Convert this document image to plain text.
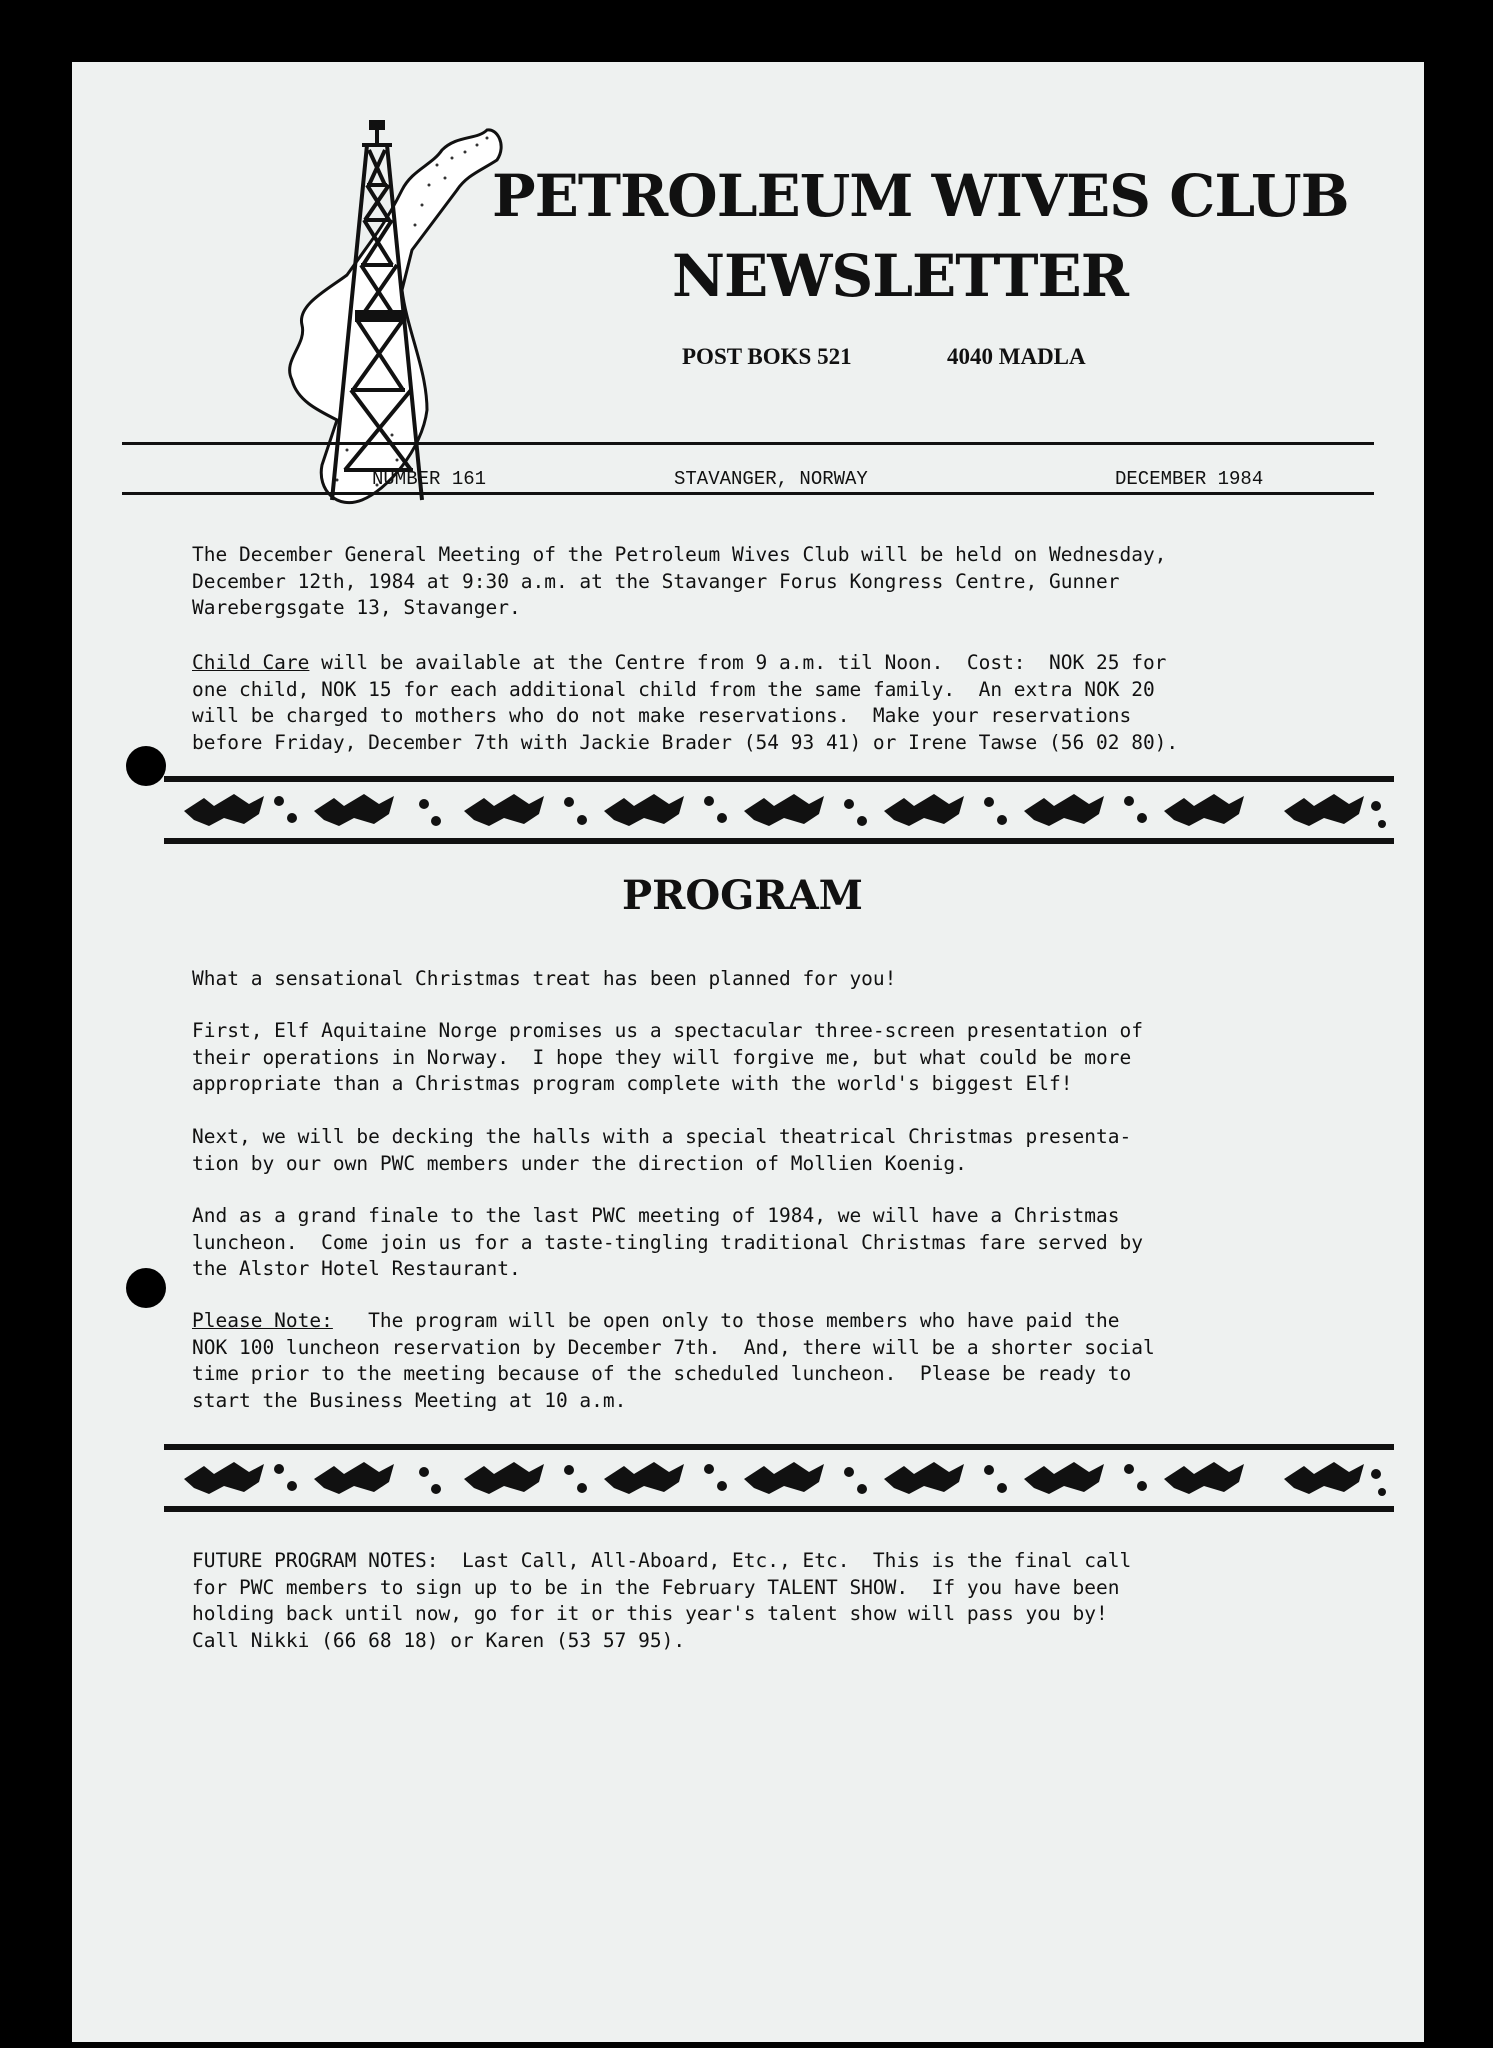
PETROLEUM WIVES CLUB
NEWSLETTER
POST BOKS 521	4040 MADLA
NUMBER 161	STAVANGER, NORWAY	DECEMBER 1984
The December General Meeting of the Petroleum Wives Club will be held on Wednesday,
December 12th, 1984 at 9:30 a.m. at the Stavanger Forus Kongress Centre, Gunner
Warebergsgate 13, Stavanger.
Child Care will be available at the Centre from 9 a.m. til Noon.  Cost:  NOK 25 for
one child, NOK 15 for each additional child from the same family.  An extra NOK 20
will be charged to mothers who do not make reservations.  Make your reservations
before Friday, December 7th with Jackie Brader (54 93 41) or Irene Tawse (56 02 80).
PROGRAM
What a sensational Christmas treat has been planned for you!
First, Elf Aquitaine Norge promises us a spectacular three-screen presentation of
their operations in Norway.  I hope they will forgive me, but what could be more
appropriate than a Christmas program complete with the world's biggest Elf!
Next, we will be decking the halls with a special theatrical Christmas presenta-
tion by our own PWC members under the direction of Mollien Koenig.
And as a grand finale to the last PWC meeting of 1984, we will have a Christmas
luncheon.  Come join us for a taste-tingling traditional Christmas fare served by
the Alstor Hotel Restaurant.
Please Note:   The program will be open only to those members who have paid the
NOK 100 luncheon reservation by December 7th.  And, there will be a shorter social
time prior to the meeting because of the scheduled luncheon.  Please be ready to
start the Business Meeting at 10 a.m.
FUTURE PROGRAM NOTES:  Last Call, All-Aboard, Etc., Etc.  This is the final call
for PWC members to sign up to be in the February TALENT SHOW.  If you have been
holding back until now, go for it or this year's talent show will pass you by!
Call Nikki (66 68 18) or Karen (53 57 95).
